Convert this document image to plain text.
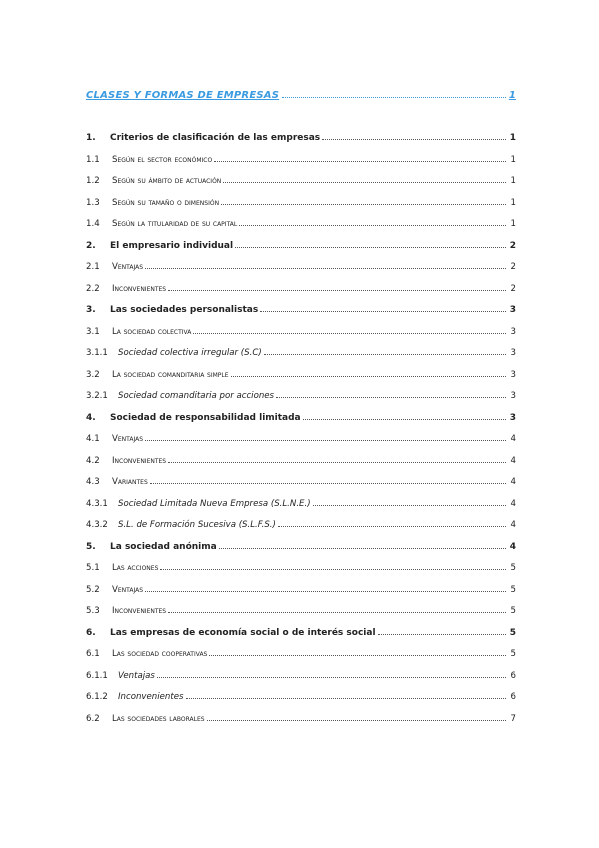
CLASES Y FORMAS DE EMPRESAS	1
1.	Criterios de clasificación de las empresas	1
1.1	Según el sector económico	1
1.2	Según su ámbito de actuación	1
1.3	Según su tamaño o dimensión	1
1.4	Según la titularidad de su capital	1
2.	El empresario individual	2
2.1	Ventajas	2
2.2	Inconvenientes	2
3.	Las sociedades personalistas	3
3.1	La sociedad colectiva	3
3.1.1	Sociedad colectiva irregular (S.C)	3
3.2	La sociedad comanditaria simple	3
3.2.1	Sociedad comanditaria por acciones	3
4.	Sociedad de responsabilidad limitada	3
4.1	Ventajas	4
4.2	Inconvenientes	4
4.3	Variantes	4
4.3.1	Sociedad Limitada Nueva Empresa (S.L.N.E.)	4
4.3.2	S.L. de Formación Sucesiva (S.L.F.S.)	4
5.	La sociedad anónima	4
5.1	Las acciones	5
5.2	Ventajas	5
5.3	Inconvenientes	5
6.	Las empresas de economía social o de interés social	5
6.1	Las sociedad cooperativas	5
6.1.1	Ventajas	6
6.1.2	Inconvenientes	6
6.2	Las sociedades laborales	7
